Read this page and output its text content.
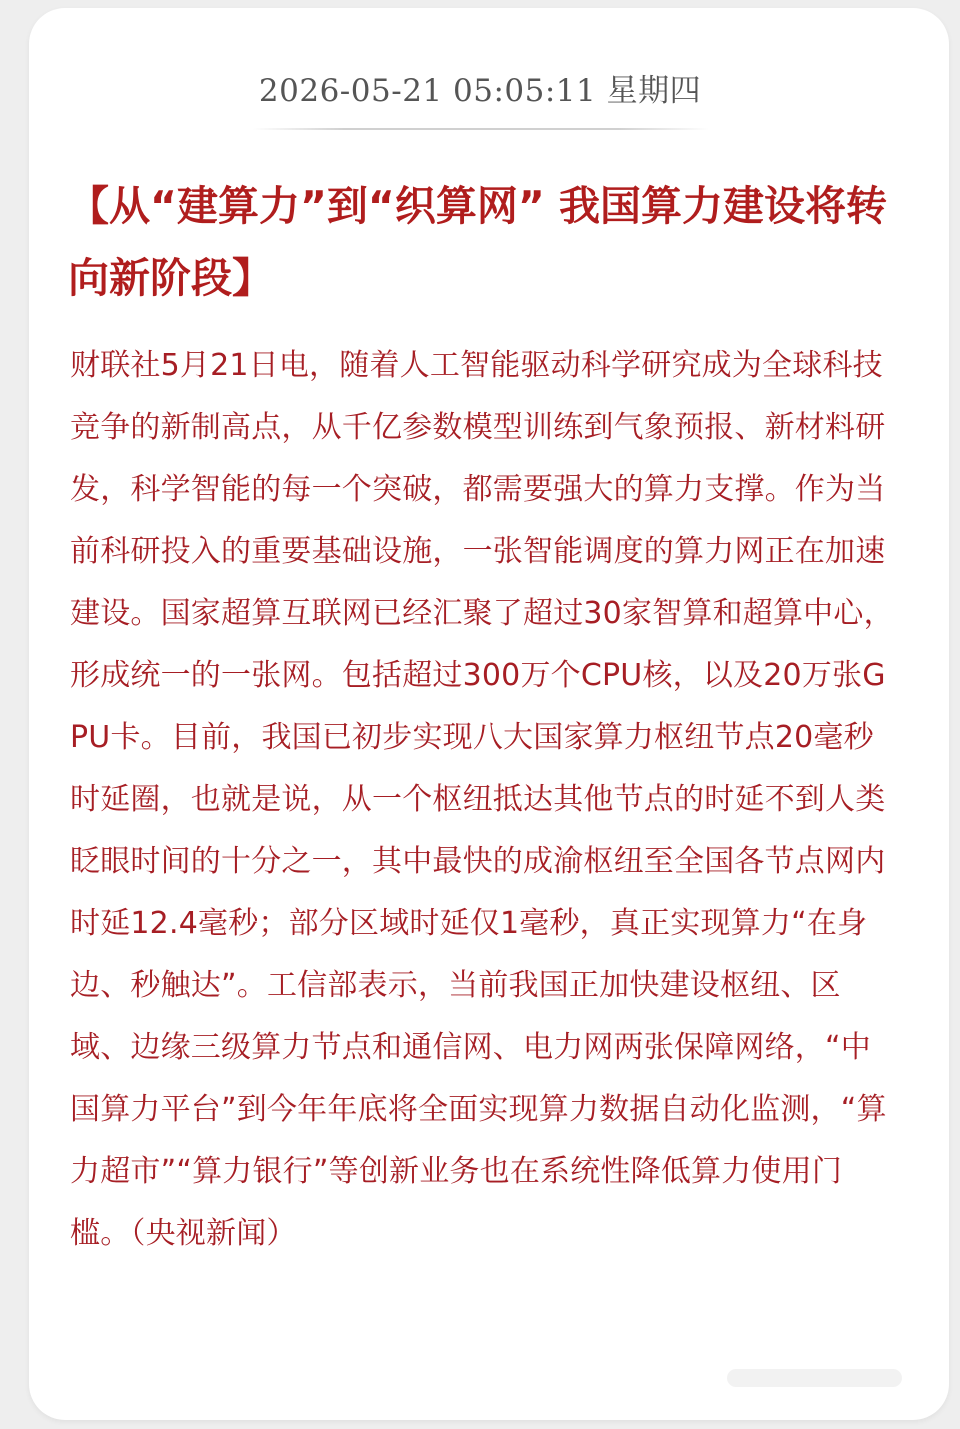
2026-05-21 05:05:11 星期四
【从“建算力”到“织算网” 我国算力建设将转向新阶段】

财联社5月21日电，随着人工智能驱动科学研究成为全球科技竞争的新制高点，从千亿参数模型训练到气象预报、新材料研发，科学智能的每一个突破，都需要强大的算力支撑。作为当前科研投入的重要基础设施，一张智能调度的算力网正在加速建设。国家超算互联网已经汇聚了超过30家智算和超算中心，形成统一的一张网。包括超过300万个CPU核，以及20万张GPU卡。目前，我国已初步实现八大国家算力枢纽节点20毫秒时延圈，也就是说，从一个枢纽抵达其他节点的时延不到人类眨眼时间的十分之一，其中最快的成渝枢纽至全国各节点网内时延12.4毫秒；部分区域时延仅1毫秒，真正实现算力“在身边、秒触达”。工信部表示，当前我国正加快建设枢纽、区域、边缘三级算力节点和通信网、电力网两张保障网络，“中国算力平台”到今年年底将全面实现算力数据自动化监测，“算力超市”“算力银行”等创新业务也在系统性降低算力使用门槛。（央视新闻）
